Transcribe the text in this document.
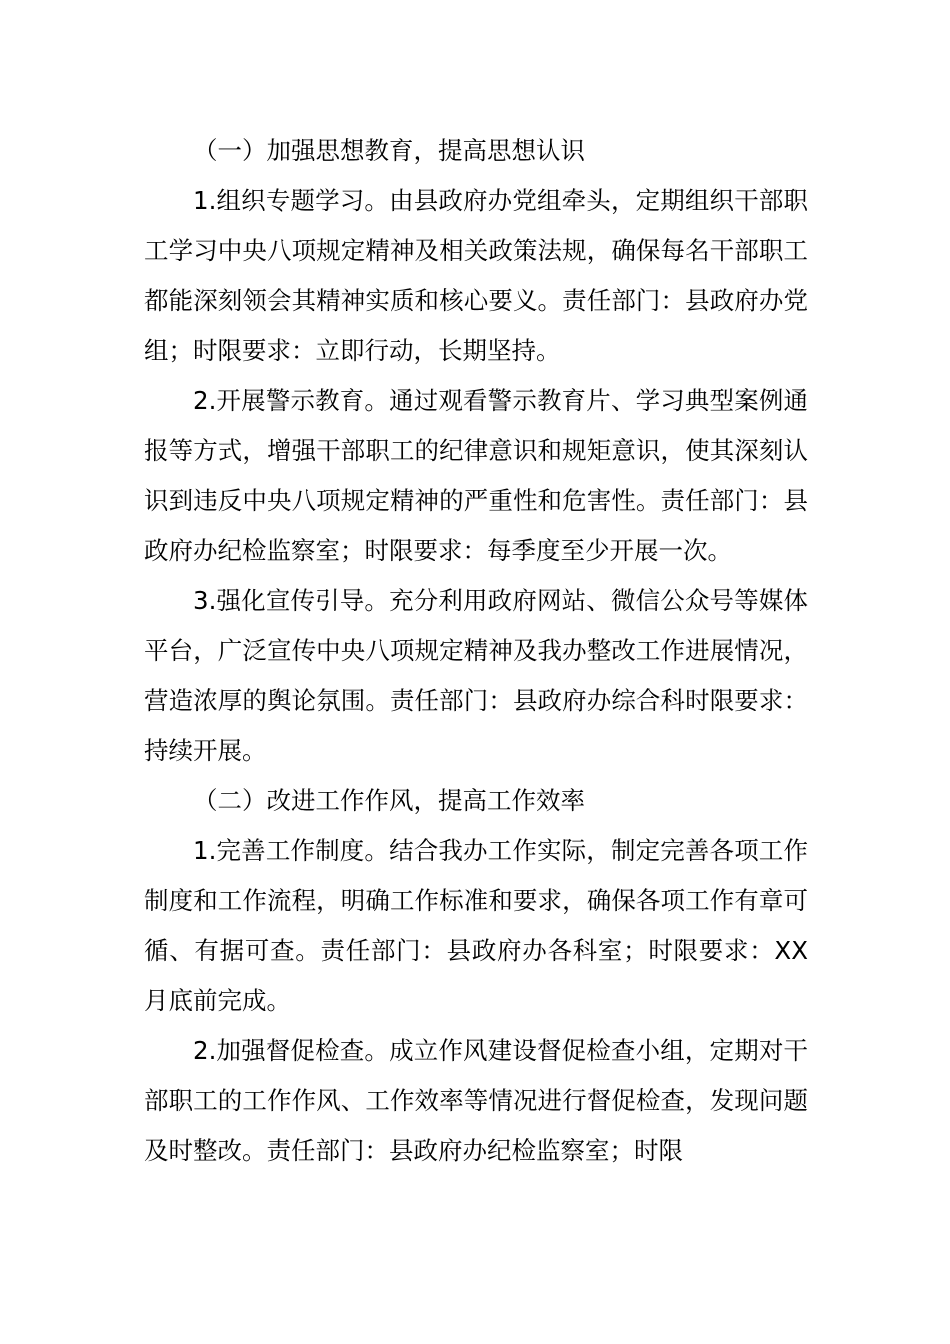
（一）加强思想教育，提高思想认识

1.组织专题学习。由县政府办党组牵头，定期组织干部职工学习中央八项规定精神及相关政策法规，确保每名干部职工都能深刻领会其精神实质和核心要义。责任部门：县政府办党组；时限要求：立即行动，长期坚持。

2.开展警示教育。通过观看警示教育片、学习典型案例通报等方式，增强干部职工的纪律意识和规矩意识，使其深刻认识到违反中央八项规定精神的严重性和危害性。责任部门：县政府办纪检监察室；时限要求：每季度至少开展一次。

3.强化宣传引导。充分利用政府网站、微信公众号等媒体平台，广泛宣传中央八项规定精神及我办整改工作进展情况，营造浓厚的舆论氛围。责任部门：县政府办综合科时限要求：持续开展。

（二）改进工作作风，提高工作效率

1.完善工作制度。结合我办工作实际，制定完善各项工作制度和工作流程，明确工作标准和要求，确保各项工作有章可循、有据可查。责任部门：县政府办各科室；时限要求：XX 月底前完成。

2.加强督促检查。成立作风建设督促检查小组，定期对干部职工的工作作风、工作效率等情况进行督促检查，发现问题及时整改。责任部门：县政府办纪检监察室；时限
